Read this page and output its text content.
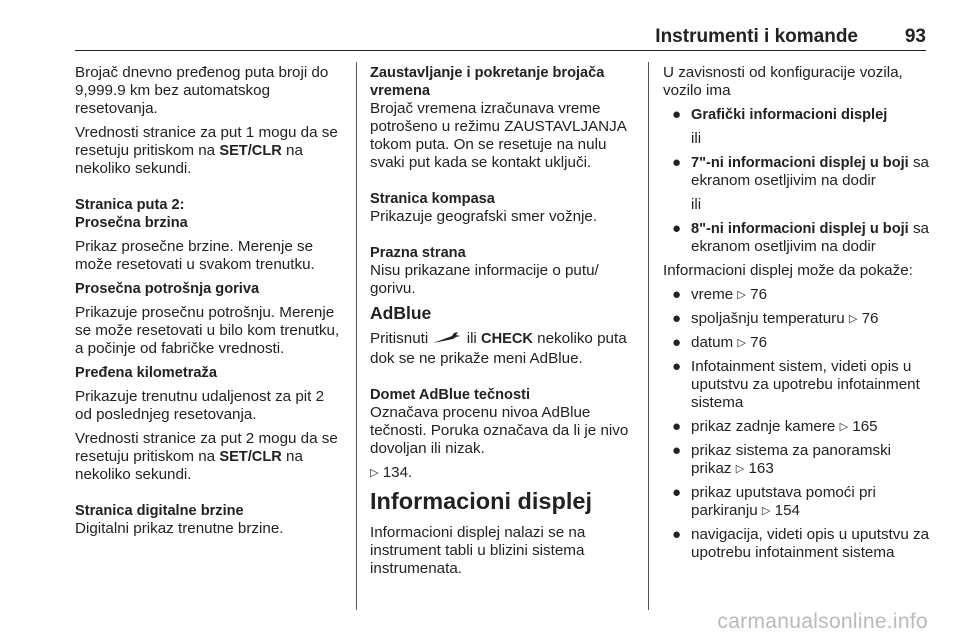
Instrumenti i komande 93

Brojač dnevno pređenog puta broji do 9,999.9 km bez automatskog resetovanja.

Vrednosti stranice za put 1 mogu da se resetuju pritiskom na SET/CLR na nekoliko sekundi.

Stranica puta 2:

Prosečna brzina

Prikaz prosečne brzine. Merenje se može resetovati u svakom trenutku.

Prosečna potrošnja goriva

Prikazuje prosečnu potrošnju. Merenje se može resetovati u bilo kom trenutku, a počinje od fabričke vrednosti.

Pređena kilometraža

Prikazuje trenutnu udaljenost za pit 2 od poslednjeg resetovanja.

Vrednosti stranice za put 2 mogu da se resetuju pritiskom na SET/CLR na nekoliko sekundi.

Stranica digitalne brzine

Digitalni prikaz trenutne brzine.

Zaustavljanje i pokretanje brojača vremena

Brojač vremena izračunava vreme potrošeno u režimu ZAUSTAVLJANJA tokom puta. On se resetuje na nulu svaki put kada se kontakt uključi.

Stranica kompasa

Prikazuje geografski smer vožnje.

Prazna strana

Nisu prikazane informacije o putu/ gorivu.

AdBlue

Pritisnuti  ili CHECK nekoliko puta dok se ne prikaže meni AdBlue.

Domet AdBlue tečnosti

Označava procenu nivoa AdBlue tečnosti. Poruka označava da li je nivo dovoljan ili nizak.

▷ 134.

Informacioni displej

Informacioni displej nalazi se na instrument tabli u blizini sistema instrumenata.

U zavisnosti od konfiguracije vozila, vozilo ima

● Grafički informacioni displej

ili

● 7"-ni informacioni displej u boji sa ekranom osetljivim na dodir

ili

● 8"-ni informacioni displej u boji sa ekranom osetljivim na dodir

Informacioni displej može da pokaže:

● vreme ▷ 76

● spoljašnju temperaturu ▷ 76

● datum ▷ 76

● Infotainment sistem, videti opis u uputstvu za upotrebu infotainment sistema

● prikaz zadnje kamere ▷ 165

● prikaz sistema za panoramski prikaz ▷ 163

● prikaz uputstava pomoći pri parkiranju ▷ 154

● navigacija, videti opis u uputstvu za upotrebu infotainment sistema

carmanualsonline.info
